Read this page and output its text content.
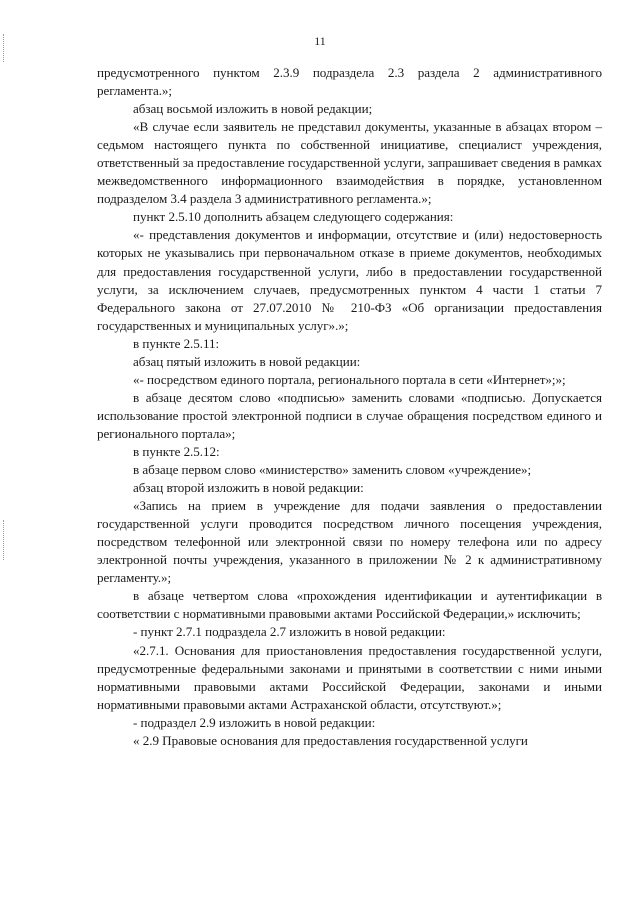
11

предусмотренного пунктом 2.3.9 подраздела 2.3 раздела 2 административного регламента.»;

абзац восьмой изложить в новой редакции;

«В случае если заявитель не представил документы, указанные в абзацах втором – седьмом настоящего пункта по собственной инициативе, специалист учреждения, ответственный за предоставление государственной услуги, запрашивает сведения в рамках межведомственного информационного взаимодействия в порядке, установленном подразделом 3.4 раздела 3 административного регламента.»;

пункт 2.5.10 дополнить абзацем следующего содержания:

«- представления документов и информации, отсутствие и (или) недостоверность которых не указывались при первоначальном отказе в приеме документов, необходимых для предоставления государственной услуги, либо в предоставлении государственной услуги, за исключением случаев, предусмотренных пунктом 4 части 1 статьи 7 Федерального закона от 27.07.2010 № 210-ФЗ «Об организации предоставления государственных и муниципальных услуг».»;

в пункте 2.5.11:

абзац пятый изложить в новой редакции:

«- посредством единого портала, регионального портала в сети «Интернет»;»;

в абзаце десятом слово «подписью» заменить словами «подписью. Допускается использование простой электронной подписи в случае обращения посредством единого и регионального портала»;

в пункте 2.5.12:

в абзаце первом слово «министерство» заменить словом «учреждение»;

абзац второй изложить в новой редакции:

«Запись на прием в учреждение для подачи заявления о предоставлении государственной услуги проводится посредством личного посещения учреждения, посредством телефонной или электронной связи по номеру телефона или по адресу электронной почты учреждения, указанного в приложении № 2 к административному регламенту.»;

в абзаце четвертом слова «прохождения идентификации и аутентификации в соответствии с нормативными правовыми актами Российской Федерации,» исключить;

- пункт 2.7.1 подраздела 2.7 изложить в новой редакции:

«2.7.1. Основания для приостановления предоставления государственной услуги, предусмотренные федеральными законами и принятыми в соответствии с ними иными нормативными правовыми актами Российской Федерации, законами и иными нормативными правовыми актами Астраханской области, отсутствуют.»;

- подраздел 2.9 изложить в новой редакции:

« 2.9 Правовые основания для предоставления государственной услуги
